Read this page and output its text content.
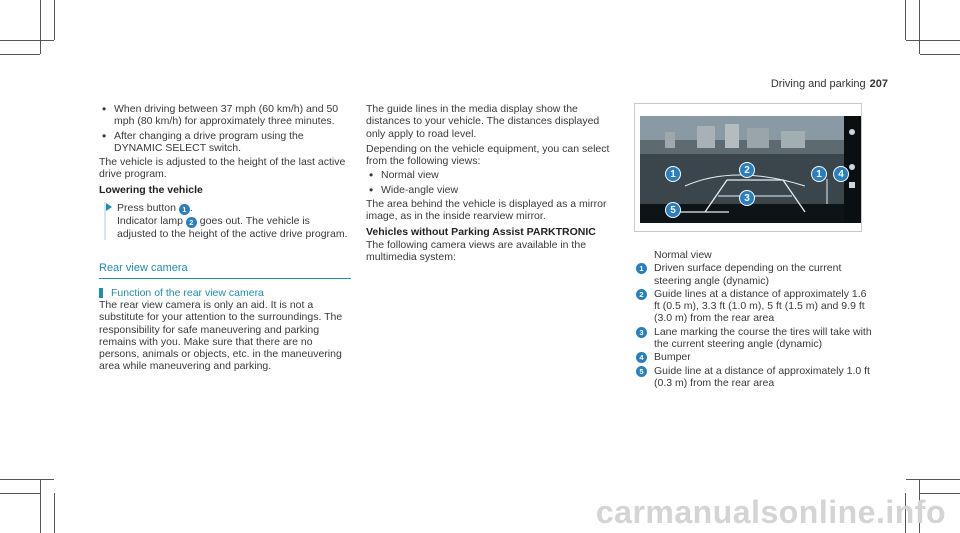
Driving and parking 207
• When driving between 37 mph (60 km/h) and 50 mph (80 km/h) for approximately three minutes.
• After changing a drive program using the DYNAMIC SELECT switch.
The vehicle is adjusted to the height of the last active drive program.
Lowering the vehicle
Press button 1 .
Indicator lamp 2 goes out. The vehicle is adjusted to the height of the active drive program.
Rear view camera
Function of the rear view camera
The rear view camera is only an aid. It is not a substitute for your attention to the surroundings. The responsibility for safe maneuvering and parking remains with you. Make sure that there are no persons, animals or objects, etc. in the maneuvering area while maneuvering and parking.
The guide lines in the media display show the distances to your vehicle. The distances displayed only apply to road level.
Depending on the vehicle equipment, you can select from the following views:
• Normal view
• Wide-angle view
The area behind the vehicle is displayed as a mirror image, as in the inside rearview mirror.
Vehicles without Parking Assist PARKTRONIC
The following camera views are available in the multimedia system:
1	2	1	4
3
5
Normal view
1 Driven surface depending on the current steering angle (dynamic)
2 Guide lines at a distance of approximately 1.6 ft (0.5 m), 3.3 ft (1.0 m), 5 ft (1.5 m) and 9.9 ft (3.0 m) from the rear area
3 Lane marking the course the tires will take with the current steering angle (dynamic)
4 Bumper
5 Guide line at a distance of approximately 1.0 ft (0.3 m) from the rear area
carmanualsonline.info
